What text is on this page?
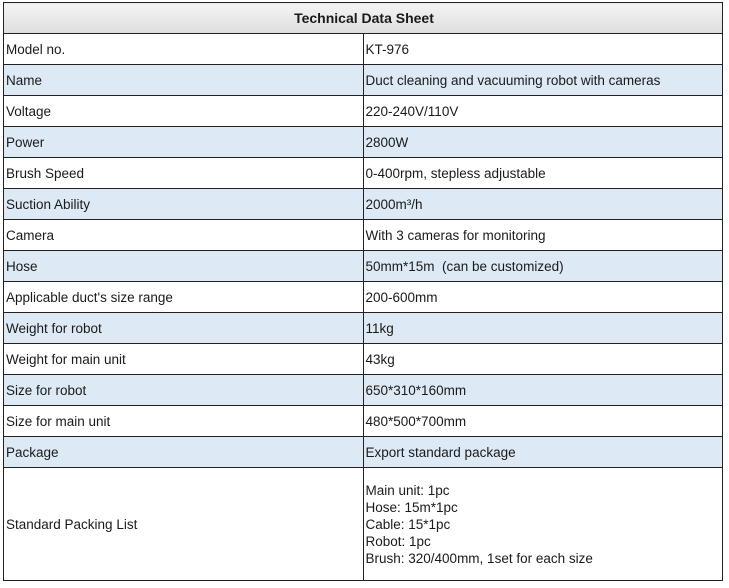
Technical Data Sheet	
Model no.	KT-976
Name	Duct cleaning and vacuuming robot with cameras
Voltage	220-240V/110V
Power	2800W
Brush Speed	0-400rpm, stepless adjustable
Suction Ability	2000m³/h
Camera	With 3 cameras for monitoring
Hose	50mm*15m  (can be customized)
Applicable duct's size range	200-600mm
Weight for robot	11kg
Weight for main unit	43kg
Size for robot	650*310*160mm
Size for main unit	480*500*700mm
Package	Export standard package
Standard Packing List	Main unit: 1pc
Hose: 15m*1pc
Cable: 15*1pc
Robot: 1pc
Brush: 320/400mm, 1set for each size
